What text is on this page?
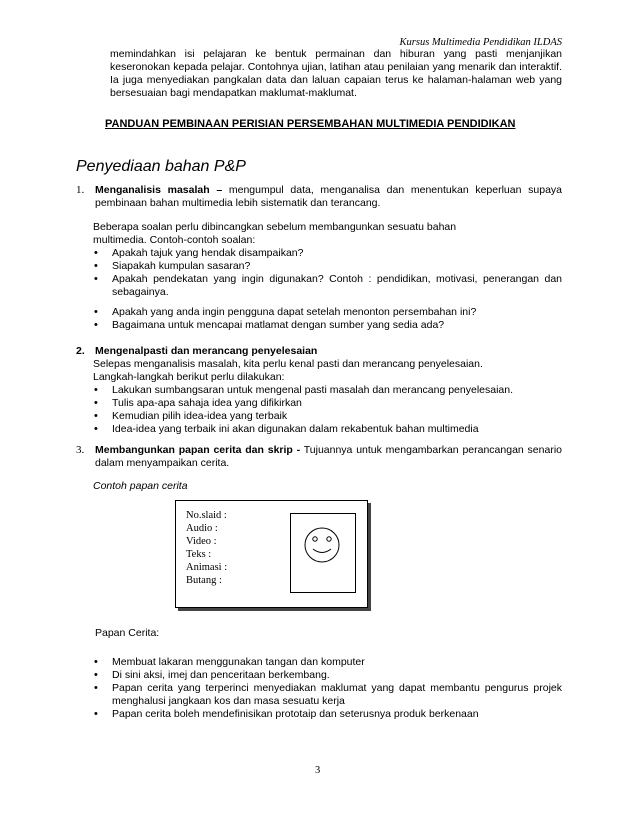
Kursus Multimedia Pendidikan ILDAS
memindahkan isi pelajaran ke bentuk permainan dan hiburan yang pasti menjanjikan keseronokan kepada pelajar. Contohnya ujian, latihan atau penilaian yang menarik dan interaktif. Ia juga menyediakan pangkalan data dan laluan capaian terus ke halaman-halaman web yang bersesuaian bagi mendapatkan maklumat-maklumat.
PANDUAN PEMBINAAN PERISIAN PERSEMBAHAN MULTIMEDIA PENDIDIKAN
Penyediaan bahan P&P
1. Menganalisis masalah – mengumpul data, menganalisa dan menentukan keperluan supaya pembinaan bahan multimedia lebih sistematik dan terancang.
Beberapa soalan perlu dibincangkan sebelum membangunkan sesuatu bahan
multimedia. Contoh-contoh soalan:
• Apakah tajuk yang hendak disampaikan?
• Siapakah kumpulan sasaran?
• Apakah pendekatan yang ingin digunakan? Contoh : pendidikan, motivasi, penerangan dan sebagainya.
• Apakah yang anda ingin pengguna dapat setelah menonton persembahan ini?
• Bagaimana untuk mencapai matlamat dengan sumber yang sedia ada?
2. Mengenalpasti dan merancang penyelesaian
Selepas menganalisis masalah, kita perlu kenal pasti dan merancang penyelesaian.
Langkah-langkah berikut perlu dilakukan:
• Lakukan sumbangsaran untuk mengenal pasti masalah dan merancang penyelesaian.
• Tulis apa-apa sahaja idea yang difikirkan
• Kemudian pilih idea-idea yang terbaik
• Idea-idea yang terbaik ini akan digunakan dalam rekabentuk bahan multimedia
3. Membangunkan papan cerita dan skrip - Tujuannya untuk mengambarkan perancangan senario dalam menyampaikan cerita.
Contoh papan cerita
No.slaid :
Audio :
Video :
Teks :
Animasi :
Butang :
Papan Cerita:
• Membuat lakaran menggunakan tangan dan komputer
• Di sini aksi, imej dan penceritaan berkembang.
• Papan cerita yang terperinci menyediakan maklumat yang dapat membantu pengurus projek menghalusi jangkaan kos dan masa sesuatu kerja
• Papan cerita boleh mendefinisikan prototaip dan seterusnya produk berkenaan
3
